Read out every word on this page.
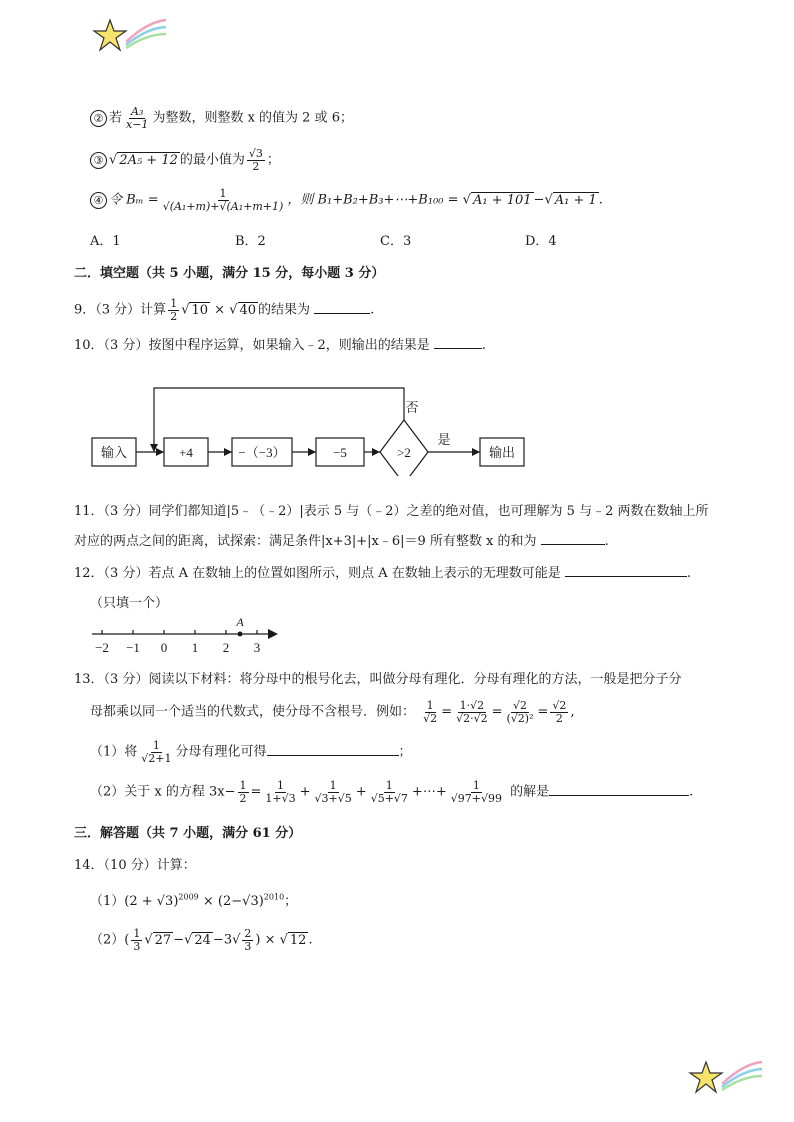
② 若 $\frac{\text{A₃}}{x-1}$ 为整数，则整数 x 的值为 2 或 6；
③ √ 2A₅ + 12 的最小值为 $\frac{√3}{2}$ ；
④ 令 $B_m = \frac{1}{\text{√(A₁+m)+√(A₁+m+1)}}$ ，则 B₁+B₂+B₃+⋯+B₁₀₀ = √ A₁ + 101 −√ A₁ + 1 .
A．1	B．2	C．3	D．4
二．填空题（共 5 小题，满分 15 分，每小题 3 分）
9．（3 分）计算 $\frac{1}{2}$ √ 10 × √ 40 的结果为	.
10．（3 分）按图中程序运算，如果输入﹣2，则输出的结果是	.
输入	+4	−（−3）	−5	>2
否
是
输出
11．（3 分）同学们都知道|5﹣（﹣2）|表示 5 与（﹣2）之差的绝对值，也可理解为 5 与﹣2 两数在数轴上所
对应的两点之间的距离，试探索：满足条件|x+3|+|x﹣6|＝9 所有整数 x 的和为	.
12．（3 分）若点 A 在数轴上的位置如图所示，则点 A 在数轴上表示的无理数可能是	.
（只填一个）
−2 −1 0 1 2 3
A
13．（3 分）阅读以下材料：将分母中的根号化去，叫做分母有理化．分母有理化的方法，一般是把分子分
母都乘以同一个适当的代数式，使分母不含根号．例如： $\frac{1}{√2} = \frac{1\cdot√2}{√2\cdot√2} = \frac{√2}{\text{(√2)²}} = \frac{√2}{2}$ ,
（1）将 $\frac{1}{√2+1}$ 分母有理化可得	；
（2）关于 x 的方程 $3x- \frac{1}{2} = \frac{1}{1+√3} + \frac{1}{√3+√5} + \frac{1}{√5+√7}$ +⋯+ $\frac{1}{√97+√99}$ 的解是	.
三．解答题（共 7 小题，满分 61 分）
14．（10 分）计算：
$(1)(2 + √3)^{2009} \times (2-√3)^{2010}$；
$(2)( \frac{1}{3}$ √ 27 −√ $24 -3√ \frac{2}{3}$ ) × √ 12 .
